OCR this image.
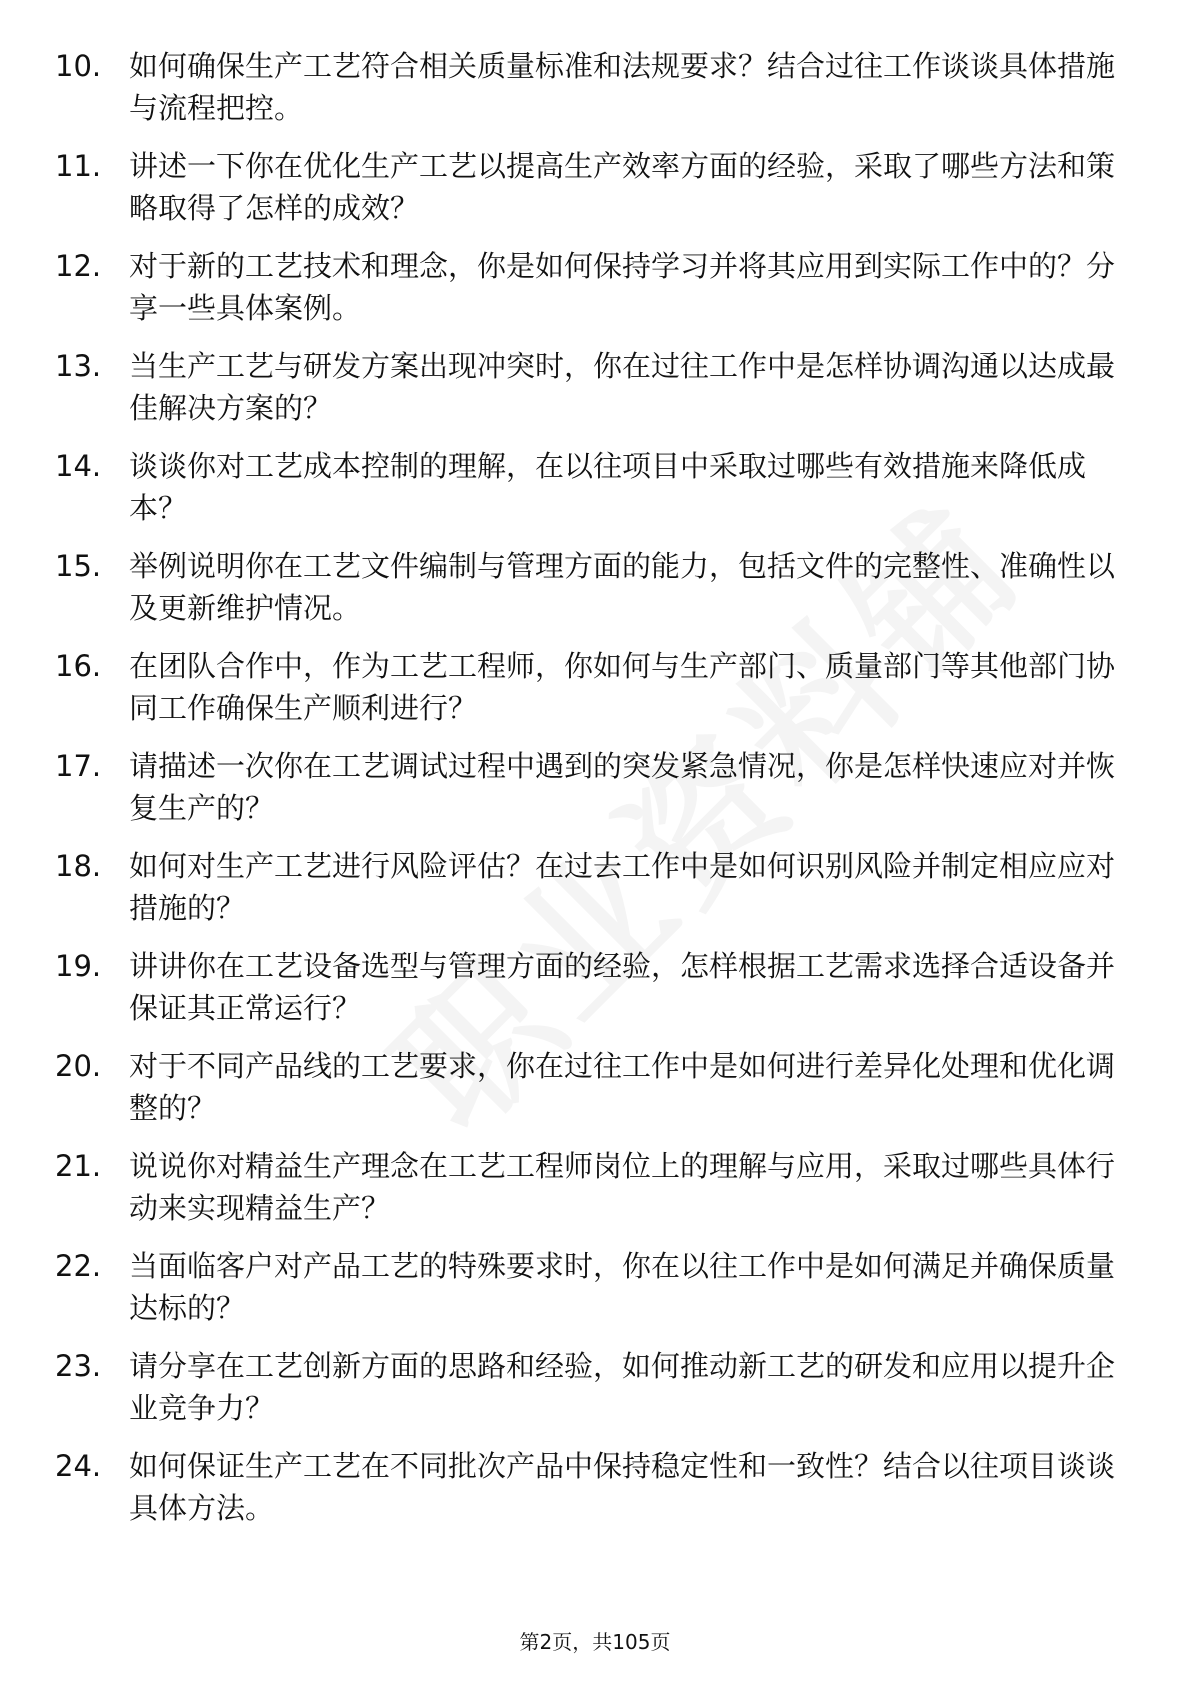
10. 如何确保生产工艺符合相关质量标准和法规要求？结合过往工作谈谈具体措施与流程把控。
11. 讲述一下你在优化生产工艺以提高生产效率方面的经验，采取了哪些方法和策略取得了怎样的成效？
12. 对于新的工艺技术和理念，你是如何保持学习并将其应用到实际工作中的？分享一些具体案例。
13. 当生产工艺与研发方案出现冲突时，你在过往工作中是怎样协调沟通以达成最佳解决方案的？
14. 谈谈你对工艺成本控制的理解，在以往项目中采取过哪些有效措施来降低成本？
15. 举例说明你在工艺文件编制与管理方面的能力，包括文件的完整性、准确性以及更新维护情况。
16. 在团队合作中，作为工艺工程师，你如何与生产部门、质量部门等其他部门协同工作确保生产顺利进行？
17. 请描述一次你在工艺调试过程中遇到的突发紧急情况，你是怎样快速应对并恢复生产的？
18. 如何对生产工艺进行风险评估？在过去工作中是如何识别风险并制定相应应对措施的？
19. 讲讲你在工艺设备选型与管理方面的经验，怎样根据工艺需求选择合适设备并保证其正常运行？
20. 对于不同产品线的工艺要求，你在过往工作中是如何进行差异化处理和优化调整的？
21. 说说你对精益生产理念在工艺工程师岗位上的理解与应用，采取过哪些具体行动来实现精益生产？
22. 当面临客户对产品工艺的特殊要求时，你在以往工作中是如何满足并确保质量达标的？
23. 请分享在工艺创新方面的思路和经验，如何推动新工艺的研发和应用以提升企业竞争力？
24. 如何保证生产工艺在不同批次产品中保持稳定性和一致性？结合以往项目谈谈具体方法。
第2页，共105页
